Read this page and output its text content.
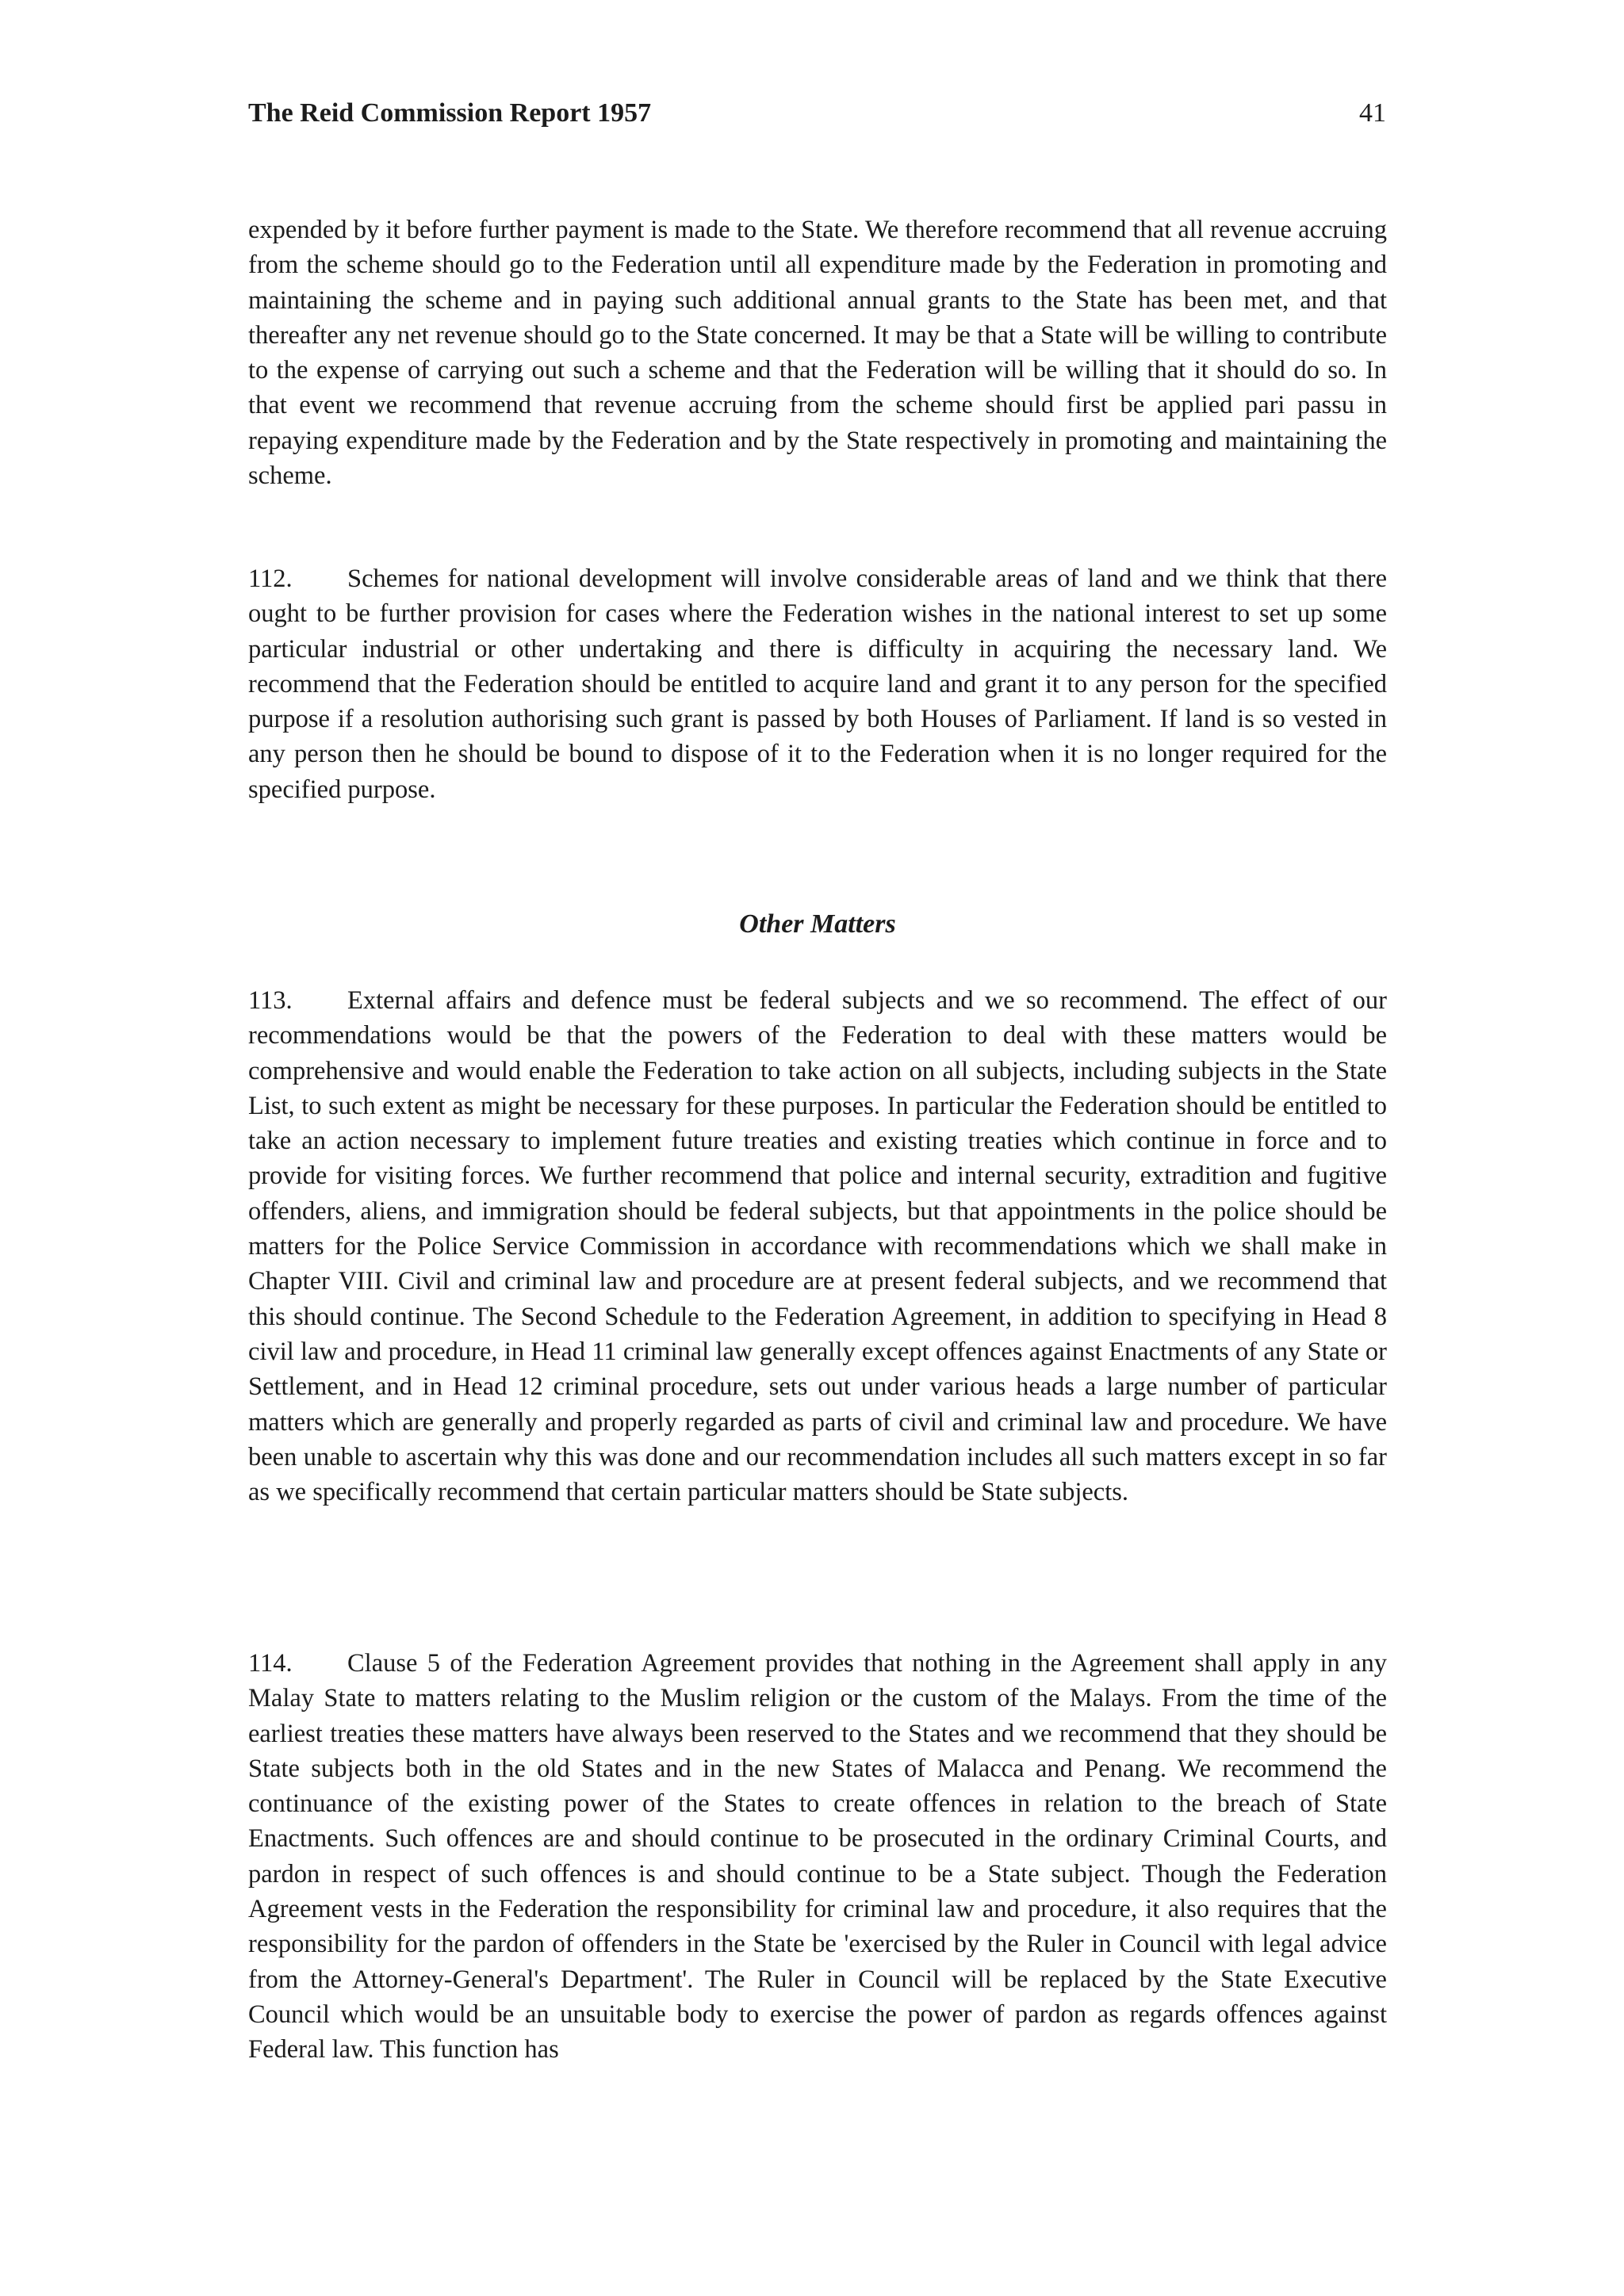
The Reid Commission Report 1957	41

expended by it before further payment is made to the State. We therefore recommend that all revenue accruing from the scheme should go to the Federation until all expenditure made by the Federation in promoting and maintaining the scheme and in paying such additional annual grants to the State has been met, and that thereafter any net revenue should go to the State concerned. It may be that a State will be willing to contribute to the expense of carrying out such a scheme and that the Federation will be willing that it should do so. In that event we recommend that revenue accruing from the scheme should first be applied pari passu in repaying expenditure made by the Federation and by the State respectively in promoting and maintaining the scheme.

112. Schemes for national development will involve considerable areas of land and we think that there ought to be further provision for cases where the Federation wishes in the national interest to set up some particular industrial or other undertaking and there is difficulty in acquiring the necessary land. We recommend that the Federation should be entitled to acquire land and grant it to any person for the specified purpose if a resolution authorising such grant is passed by both Houses of Parliament. If land is so vested in any person then he should be bound to dispose of it to the Federation when it is no longer required for the specified purpose.

Other Matters

113. External affairs and defence must be federal subjects and we so recommend. The effect of our recommendations would be that the powers of the Federation to deal with these matters would be comprehensive and would enable the Federation to take action on all subjects, including subjects in the State List, to such extent as might be necessary for these purposes. In particular the Federation should be entitled to take an action necessary to implement future treaties and existing treaties which continue in force and to provide for visiting forces. We further recommend that police and internal security, extradition and fugitive offenders, aliens, and immigration should be federal subjects, but that appointments in the police should be matters for the Police Service Commission in accordance with recommendations which we shall make in Chapter VIII. Civil and criminal law and procedure are at present federal subjects, and we recommend that this should continue. The Second Schedule to the Federation Agreement, in addition to specifying in Head 8 civil law and procedure, in Head 11 criminal law generally except offences against Enactments of any State or Settlement, and in Head 12 criminal procedure, sets out under various heads a large number of particular matters which are generally and properly regarded as parts of civil and criminal law and procedure. We have been unable to ascertain why this was done and our recommendation includes all such matters except in so far as we specifically recommend that certain particular matters should be State subjects.

114. Clause 5 of the Federation Agreement provides that nothing in the Agreement shall apply in any Malay State to matters relating to the Muslim religion or the custom of the Malays. From the time of the earliest treaties these matters have always been reserved to the States and we recommend that they should be State subjects both in the old States and in the new States of Malacca and Penang. We recommend the continuance of the existing power of the States to create offences in relation to the breach of State Enactments. Such offences are and should continue to be prosecuted in the ordinary Criminal Courts, and pardon in respect of such offences is and should continue to be a State subject. Though the Federation Agreement vests in the Federation the responsibility for criminal law and procedure, it also requires that the responsibility for the pardon of offenders in the State be 'exercised by the Ruler in Council with legal advice from the Attorney-General's Department'. The Ruler in Council will be replaced by the State Executive Council which would be an unsuitable body to exercise the power of pardon as regards offences against Federal law. This function has
